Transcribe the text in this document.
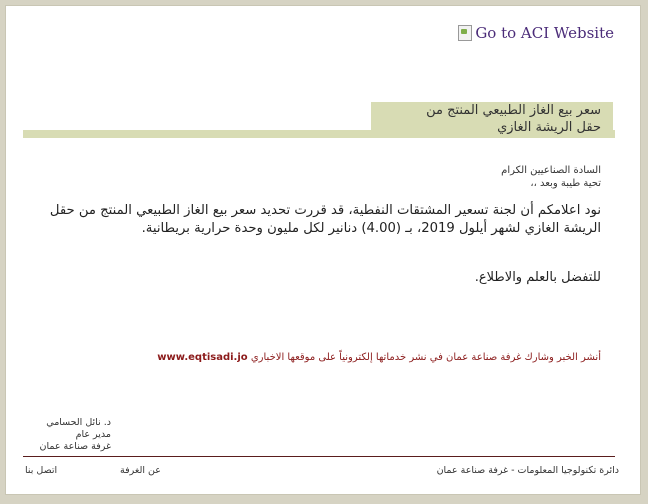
Go to ACI Website
سعر بيع الغاز الطبيعي المنتج من
حقل الريشة الغازي
السادة الصناعيين الكرام
تحية طيبة وبعد ،،
نود اعلامكم أن لجنة تسعير المشتقات النفطية، قد قررت تحديد سعر بيع الغاز الطبيعي المنتج من حقل
الريشة الغازي لشهر أيلول 2019، بـ (4.00) دنانير لكل مليون وحدة حرارية بريطانية.
للتفضل بالعلم والاطلاع.
أنشر الخبر وشارك غرفة صناعة عمان في نشر خدماتها إلكترونياً على موقعها الاخباري www.eqtisadi.jo
د. نائل الحسامي
مدير عام
غرفة صناعة عمان
دائرة تكنولوجيا المعلومات - غرفة صناعة عمان
عن الغرفة
اتصل بنا
